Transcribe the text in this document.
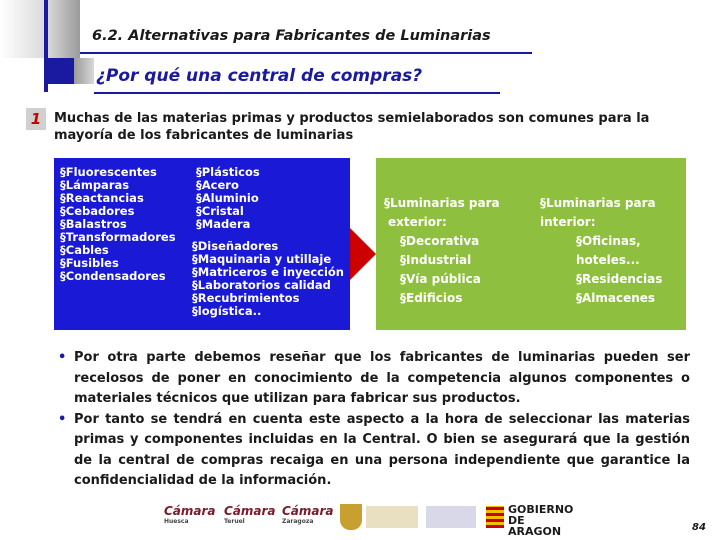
6.2. Alternativas para Fabricantes de Luminarias
¿Por qué una central de compras?
1 Muchas de las materias primas y productos semielaborados son comunes para la mayoría de los fabricantes de luminarias
§Fluorescentes
§Lámparas
§Reactancias
§Cebadores
§Balastros
§Transformadores
§Cables
§Fusibles
§Condensadores
§Plásticos
§Acero
§Aluminio
§Cristal
§Madera
§Diseñadores
§Maquinaria y utillaje
§Matriceros e inyección
§Laboratorios calidad
§Recubrimientos
§logística..
§Luminarias para
exterior:
§Decorativa
§Industrial
§Vía pública
§Edificios
§Luminarias para
interior:
§Oficinas,
hoteles...
§Residencias
§Almacenes
• Por otra parte debemos reseñar que los fabricantes de luminarias pueden ser recelosos de poner en conocimiento de la competencia algunos componentes o materiales técnicos que utilizan para fabricar sus productos.
• Por tanto se tendrá en cuenta este aspecto a la hora de seleccionar las materias primas y componentes incluidas en la Central. O bien se asegurará que la gestión de la central de compras recaiga en una persona independiente que garantice la confidencialidad de la información.
Cámara
Huesca
Cámara
Teruel
Cámara
Zaragoza
GOBIERNO
DE ARAGON	84
